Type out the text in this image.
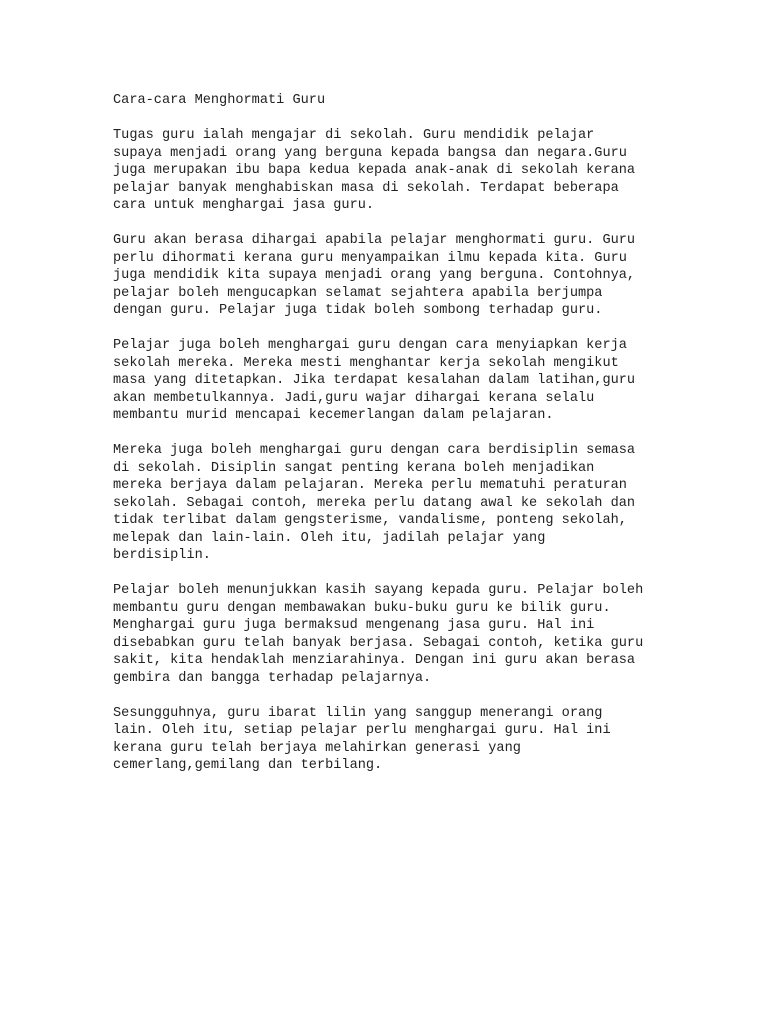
Cara-cara Menghormati Guru
Tugas guru ialah mengajar di sekolah. Guru mendidik pelajar
supaya menjadi orang yang berguna kepada bangsa dan negara.Guru
juga merupakan ibu bapa kedua kepada anak-anak di sekolah kerana
pelajar banyak menghabiskan masa di sekolah. Terdapat beberapa
cara untuk menghargai jasa guru.
Guru akan berasa dihargai apabila pelajar menghormati guru. Guru
perlu dihormati kerana guru menyampaikan ilmu kepada kita. Guru
juga mendidik kita supaya menjadi orang yang berguna. Contohnya,
pelajar boleh mengucapkan selamat sejahtera apabila berjumpa
dengan guru. Pelajar juga tidak boleh sombong terhadap guru.
Pelajar juga boleh menghargai guru dengan cara menyiapkan kerja
sekolah mereka. Mereka mesti menghantar kerja sekolah mengikut
masa yang ditetapkan. Jika terdapat kesalahan dalam latihan,guru
akan membetulkannya. Jadi,guru wajar dihargai kerana selalu
membantu murid mencapai kecemerlangan dalam pelajaran.
Mereka juga boleh menghargai guru dengan cara berdisiplin semasa
di sekolah. Disiplin sangat penting kerana boleh menjadikan
mereka berjaya dalam pelajaran. Mereka perlu mematuhi peraturan
sekolah. Sebagai contoh, mereka perlu datang awal ke sekolah dan
tidak terlibat dalam gengsterisme, vandalisme, ponteng sekolah,
melepak dan lain-lain. Oleh itu, jadilah pelajar yang
berdisiplin.
Pelajar boleh menunjukkan kasih sayang kepada guru. Pelajar boleh
membantu guru dengan membawakan buku-buku guru ke bilik guru.
Menghargai guru juga bermaksud mengenang jasa guru. Hal ini
disebabkan guru telah banyak berjasa. Sebagai contoh, ketika guru
sakit, kita hendaklah menziarahinya. Dengan ini guru akan berasa
gembira dan bangga terhadap pelajarnya.
Sesungguhnya, guru ibarat lilin yang sanggup menerangi orang
lain. Oleh itu, setiap pelajar perlu menghargai guru. Hal ini
kerana guru telah berjaya melahirkan generasi yang
cemerlang,gemilang dan terbilang.
